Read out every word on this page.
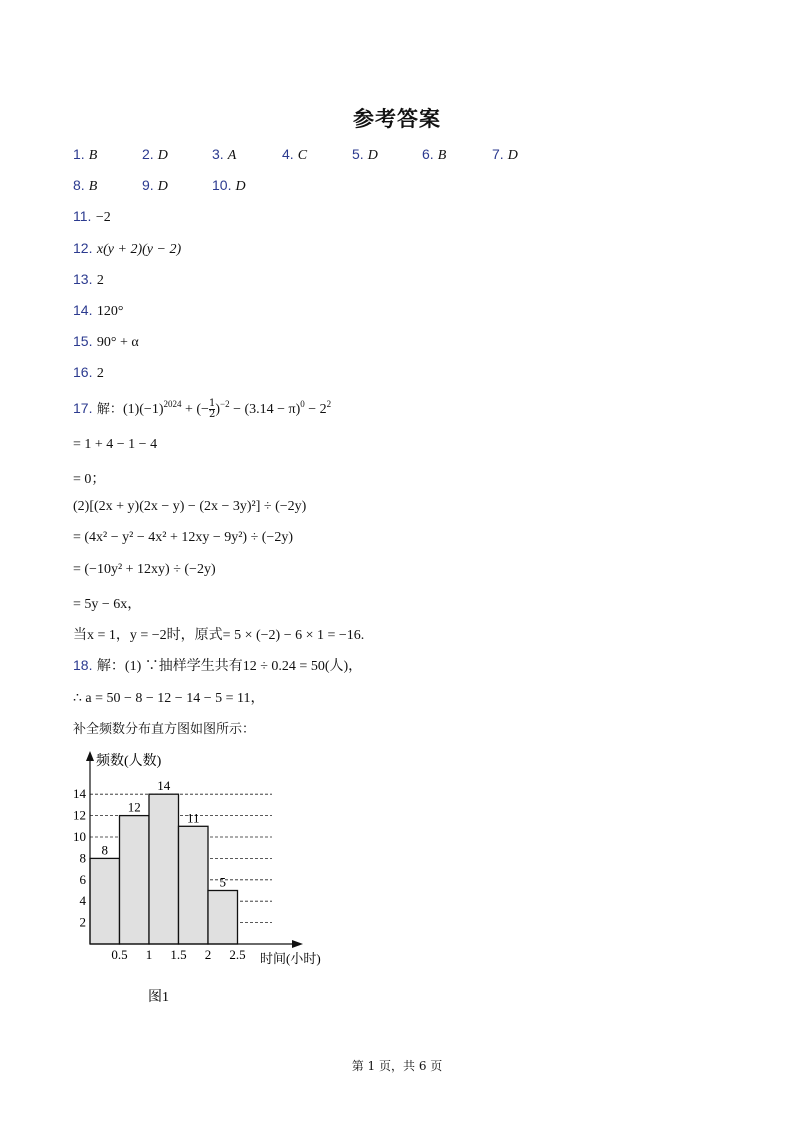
参考答案
1. B	2. D	3. A	4. C	5. D	6. B	7. D
8. B	9. D	10. D
11. −2
12. x(y + 2)(y − 2)
13. 2
14. 120°
15. 90° + α
16. 2
17. 解：$(1)(-1)^{2024}$ + (− $\frac{1}{2} )^{-2} - (3.14 - \pi)^0 - 2^2$
= 1 + 4 − 1 − 4
= 0；
(2)[(2x + y)(2x − y) − (2x − 3y)²] ÷ (−2y)
= (4x² − y² − 4x² + 12xy − 9y²) ÷ (−2y)
= (−10y² + 12xy) ÷ (−2y)
= 5y − 6x，
当x = 1，y = −2时，原式= 5 × (−2) − 6 × 1 = −16.
18. 解：(1) ∵抽样学生共有12 ÷ 0.24 = 50(人)，
∴ a = 50 − 8 − 12 − 14 − 5 = 11，
补全频数分布直方图如图所示：
8
12
14
11
5
2
4
6
8
10
12
14
0.5 1 1.5 2 2.5
频数(人数)
时间(小时)
图1
第 1 页，共 6 页
